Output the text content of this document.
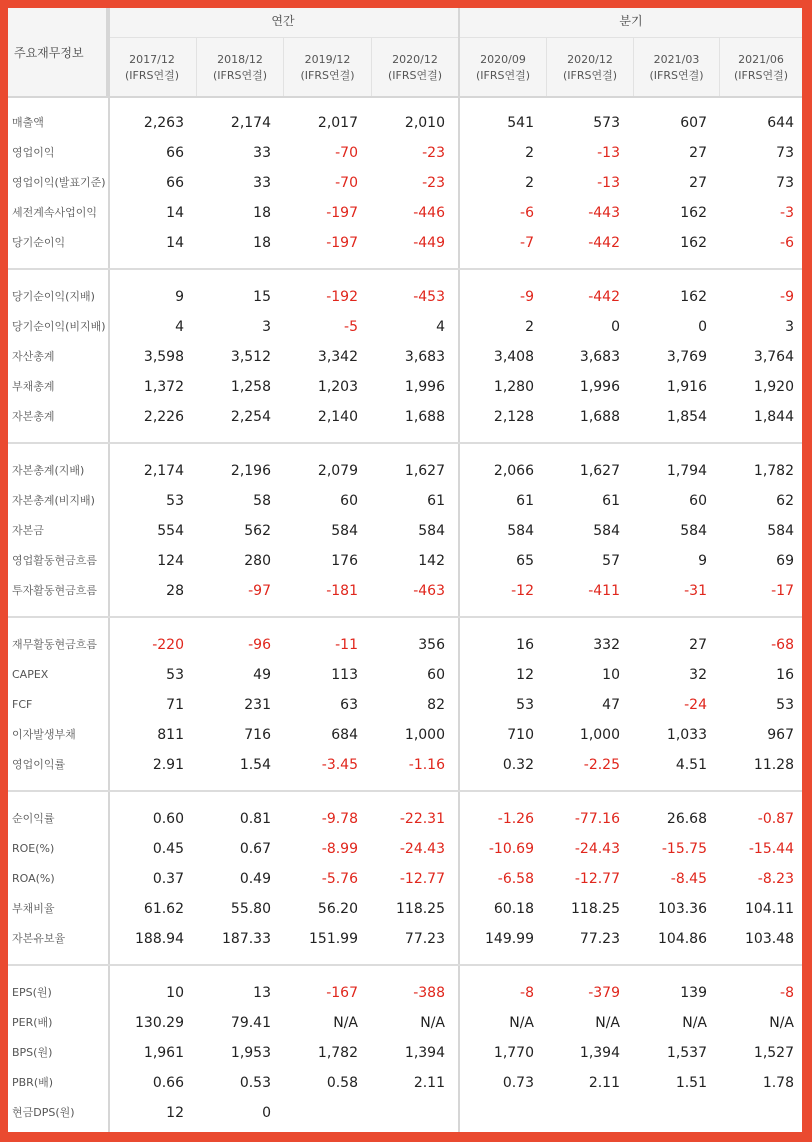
주요재무정보
연간	분기
2017/12
(IFRS연결)
2018/12
(IFRS연결)
2019/12
(IFRS연결)
2020/12
(IFRS연결)
2020/09
(IFRS연결)
2020/12
(IFRS연결)
2021/03
(IFRS연결)
2021/06
(IFRS연결)
매출액	2,263	2,174	2,017	2,010	541	573	607	644
영업이익	66	33	-70	-23	2	-13	27	73
영업이익(발표기준)	66	33	-70	-23	2	-13	27	73
세전계속사업이익	14	18	-197	-446	-6	-443	162	-3
당기순이익	14	18	-197	-449	-7	-442	162	-6
당기순이익(지배)	9	15	-192	-453	-9	-442	162	-9
당기순이익(비지배)	4	3	-5	4	2	0	0	3
자산총계	3,598	3,512	3,342	3,683	3,408	3,683	3,769	3,764
부채총계	1,372	1,258	1,203	1,996	1,280	1,996	1,916	1,920
자본총계	2,226	2,254	2,140	1,688	2,128	1,688	1,854	1,844
자본총계(지배)	2,174	2,196	2,079	1,627	2,066	1,627	1,794	1,782
자본총계(비지배)	53	58	60	61	61	61	60	62
자본금	554	562	584	584	584	584	584	584
영업활동현금흐름	124	280	176	142	65	57	9	69
투자활동현금흐름	28	-97	-181	-463	-12	-411	-31	-17
재무활동현금흐름	-220	-96	-11	356	16	332	27	-68
CAPEX	53	49	113	60	12	10	32	16
FCF	71	231	63	82	53	47	-24	53
이자발생부채	811	716	684	1,000	710	1,000	1,033	967
영업이익률	2.91	1.54	-3.45	-1.16	0.32	-2.25	4.51	11.28
순이익률	0.60	0.81	-9.78	-22.31	-1.26	-77.16	26.68	-0.87
ROE(%)	0.45	0.67	-8.99	-24.43	-10.69	-24.43	-15.75	-15.44
ROA(%)	0.37	0.49	-5.76	-12.77	-6.58	-12.77	-8.45	-8.23
부채비율	61.62	55.80	56.20	118.25	60.18	118.25	103.36	104.11
자본유보율	188.94	187.33	151.99	77.23	149.99	77.23	104.86	103.48
EPS(원)	10	13	-167	-388	-8	-379	139	-8
PER(배)	130.29	79.41	N/A	N/A	N/A	N/A	N/A	N/A
BPS(원)	1,961	1,953	1,782	1,394	1,770	1,394	1,537	1,527
PBR(배)	0.66	0.53	0.58	2.11	0.73	2.11	1.51	1.78
현금DPS(원)	12	0
